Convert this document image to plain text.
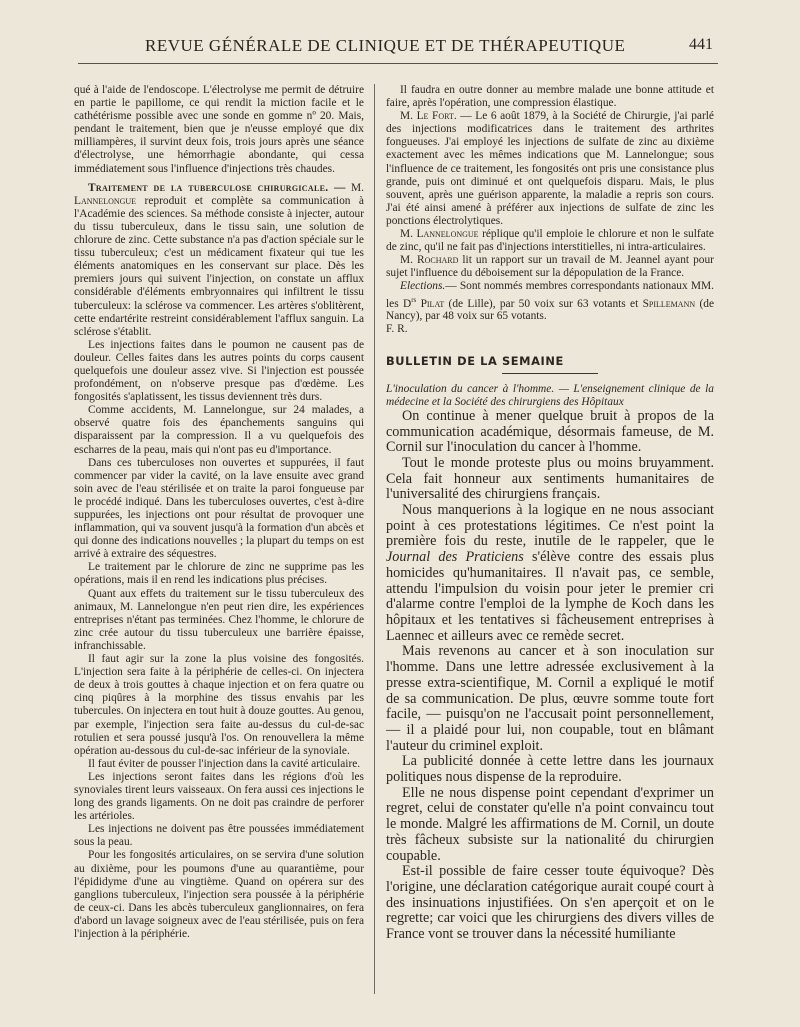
REVUE GÉNÉRALE DE CLINIQUE ET DE THÉRAPEUTIQUE	441

qué à l'aide de l'endoscope. L'électrolyse me permit de détruire en partie le papillome, ce qui rendit la miction facile et le cathétérisme possible avec une sonde en gomme nº 20. Mais, pendant le traitement, bien que je n'eusse employé que dix milliampères, il survint deux fois, trois jours après une séance d'électrolyse, une hémorrhagie abondante, qui cessa immédiatement sous l'influence d'injections très chaudes.

Traitement de la tuberculose chirurgicale. — M. Lannelongue reproduit et complète sa communication à l'Académie des sciences. Sa méthode consiste à injecter, autour du tissu tuberculeux, dans le tissu sain, une solution de chlorure de zinc. Cette substance n'a pas d'action spéciale sur le tissu tuberculeux; c'est un médicament fixateur qui tue les éléments anatomiques en les conservant sur place. Dès les premiers jours qui suivent l'injection, on constate un afflux considérable d'éléments embryonnaires qui infiltrent le tissu tuberculeux: la sclérose va commencer. Les artères s'oblitèrent, cette endartérite restreint considérablement l'afflux sanguin. La sclérose s'établit.

Les injections faites dans le poumon ne causent pas de douleur. Celles faites dans les autres points du corps causent quelquefois une douleur assez vive. Si l'injection est poussée profondément, on n'observe presque pas d'œdème. Les fongosités s'aplatissent, les tissus deviennent très durs.

Comme accidents, M. Lannelongue, sur 24 malades, a observé quatre fois des épanchements sanguins qui disparaissent par la compression. Il a vu quelquefois des escharres de la peau, mais qui n'ont pas eu d'importance.

Dans ces tuberculoses non ouvertes et suppurées, il faut commencer par vider la cavité, on la lave ensuite avec grand soin avec de l'eau stérilisée et on traite la paroi fongueuse par le procédé indiqué. Dans les tuberculoses ouvertes, c'est à-dire suppurées, les injections ont pour résultat de provoquer une inflammation, qui va souvent jusqu'à la formation d'un abcès et qui donne des indications nouvelles ; la plupart du temps on est arrivé à extraire des séquestres.

Le traitement par le chlorure de zinc ne supprime pas les opérations, mais il en rend les indications plus précises.

Quant aux effets du traitement sur le tissu tuberculeux des animaux, M. Lannelongue n'en peut rien dire, les expériences entreprises n'étant pas terminées. Chez l'homme, le chlorure de zinc crée autour du tissu tuberculeux une barrière épaisse, infranchissable.

Il faut agir sur la zone la plus voisine des fongosités. L'injection sera faite à la périphérie de celles-ci. On injectera de deux à trois gouttes à chaque injection et on fera quatre ou cinq piqûres à la morphine des tissus envahis par les tubercules. On injectera en tout huit à douze gouttes. Au genou, par exemple, l'injection sera faite au-dessus du cul-de-sac rotulien et sera poussé jusqu'à l'os. On renouvellera la même opération au-dessous du cul-de-sac inférieur de la synoviale.

Il faut éviter de pousser l'injection dans la cavité articulaire.

Les injections seront faites dans les régions d'où les synoviales tirent leurs vaisseaux. On fera aussi ces injections le long des grands ligaments. On ne doit pas craindre de perforer les artérioles.

Les injections ne doivent pas être poussées immédiatement sous la peau.

Pour les fongosités articulaires, on se servira d'une solution au dixième, pour les poumons d'une au quarantième, pour l'épididyme d'une au vingtième. Quand on opérera sur des ganglions tuberculeux, l'injection sera poussée à la périphérie de ceux-ci. Dans les abcès tuberculeux ganglionnaires, on fera d'abord un lavage soigneux avec de l'eau stérilisée, puis on fera l'injection à la périphérie.

Il faudra en outre donner au membre malade une bonne attitude et faire, après l'opération, une compression élastique.

M. Le Fort. — Le 6 août 1879, à la Société de Chirurgie, j'ai parlé des injections modificatrices dans le traitement des arthrites fongueuses. J'ai employé les injections de sulfate de zinc au dixième exactement avec les mêmes indications que M. Lannelongue; sous l'influence de ce traitement, les fongosités ont pris une consistance plus grande, puis ont diminué et ont quelquefois disparu. Mais, le plus souvent, après une guérison apparente, la maladie a repris son cours. J'ai été ainsi amené à préférer aux injections de sulfate de zinc les ponctions électrolytiques.

M. Lannelongue réplique qu'il emploie le chlorure et non le sulfate de zinc, qu'il ne fait pas d'injections interstitielles, ni intra-articulaires.

M. Rochard lit un rapport sur un travail de M. Jeannel ayant pour sujet l'influence du déboisement sur la dépopulation de la France.

Elections.— Sont nommés membres correspondants nationaux MM. les $D^{rs}$ Pilat (de Lille), par 50 voix sur 63 votants et Spillemann (de Nancy), par 48 voix sur 65 votants.

F. R.

BULLETIN DE LA SEMAINE

L'inoculation du cancer à l'homme. — L'enseignement clinique de la médecine et la Société des chirurgiens des Hôpitaux

On continue à mener quelque bruit à propos de la communication académique, désormais fameuse, de M. Cornil sur l'inoculation du cancer à l'homme.

Tout le monde proteste plus ou moins bruyamment. Cela fait honneur aux sentiments humanitaires de l'universalité des chirurgiens français.

Nous manquerions à la logique en ne nous associant point à ces protestations légitimes. Ce n'est point la première fois du reste, inutile de le rappeler, que le Journal des Praticiens s'élève contre des essais plus homicides qu'humanitaires. Il n'avait pas, ce semble, attendu l'impulsion du voisin pour jeter le premier cri d'alarme contre l'emploi de la lymphe de Koch dans les hôpitaux et les tentatives si fâcheusement entreprises à Laennec et ailleurs avec ce remède secret.

Mais revenons au cancer et à son inoculation sur l'homme. Dans une lettre adressée exclusivement à la presse extra-scientifique, M. Cornil a expliqué le motif de sa communication. De plus, œuvre somme toute fort facile, — puisqu'on ne l'accusait point personnellement, — il a plaidé pour lui, non coupable, tout en blâmant l'auteur du criminel exploit.

La publicité donnée à cette lettre dans les journaux politiques nous dispense de la reproduire.

Elle ne nous dispense point cependant d'exprimer un regret, celui de constater qu'elle n'a point convaincu tout le monde. Malgré les affirmations de M. Cornil, un doute très fâcheux subsiste sur la nationalité du chirurgien coupable.

Est-il possible de faire cesser toute équivoque? Dès l'origine, une déclaration catégorique aurait coupé court à des insinuations injustifiées. On s'en aperçoit et on le regrette; car voici que les chirurgiens des divers villes de France vont se trouver dans la nécessité humiliante
